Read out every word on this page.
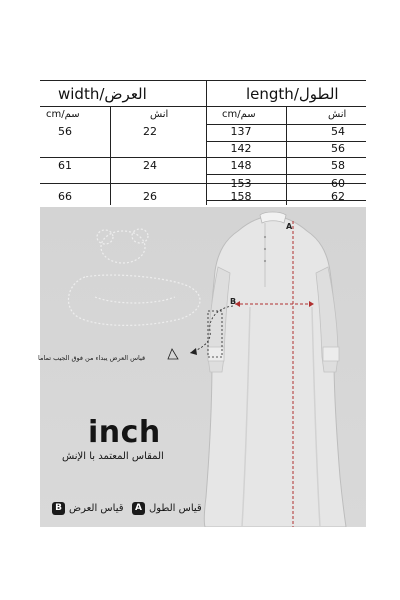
width/العرض	length/الطول
cm/سم	انش	cm/سم	انش
56	22
61	24
66	26
137	54
142	56
148	58
153	60
158	62
A
B
قياس العرض يبداء من فوق الجيب تماما
inch
المقاس المعتمد با الإنش
B قياس العرض	A قياس الطول
